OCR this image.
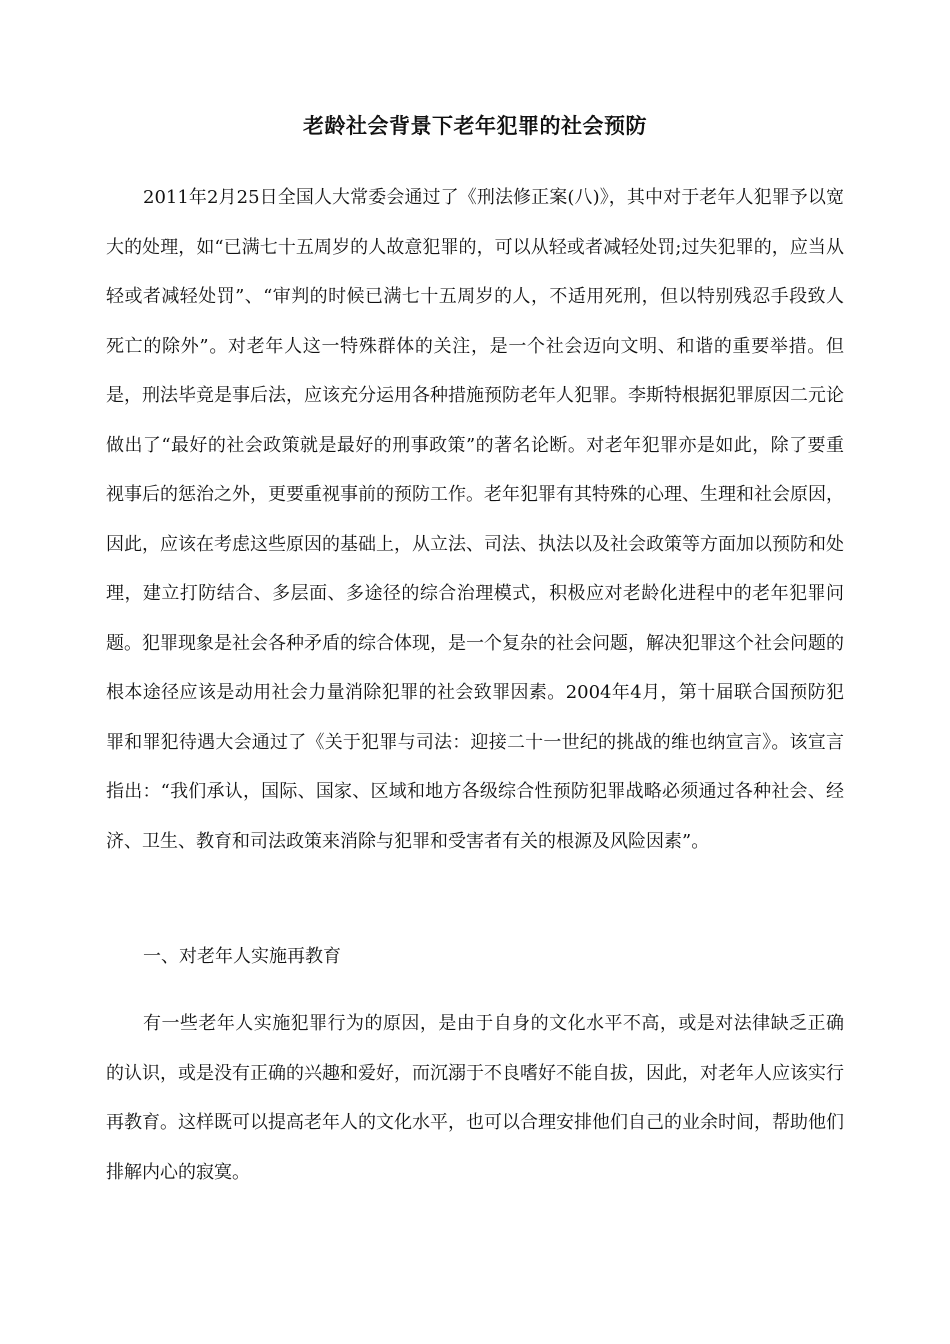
老龄社会背景下老年犯罪的社会预防

2011年2月25日全国人大常委会通过了《刑法修正案(八)》，其中对于老年人犯罪予以宽大的处理，如“已满七十五周岁的人故意犯罪的，可以从轻或者减轻处罚;过失犯罪的，应当从轻或者减轻处罚”、“审判的时候已满七十五周岁的人，不适用死刑，但以特别残忍手段致人死亡的除外”。对老年人这一特殊群体的关注，是一个社会迈向文明、和谐的重要举措。但是，刑法毕竟是事后法，应该充分运用各种措施预防老年人犯罪。李斯特根据犯罪原因二元论做出了“最好的社会政策就是最好的刑事政策”的著名论断。对老年犯罪亦是如此，除了要重视事后的惩治之外，更要重视事前的预防工作。老年犯罪有其特殊的心理、生理和社会原因，因此，应该在考虑这些原因的基础上，从立法、司法、执法以及社会政策等方面加以预防和处理，建立打防结合、多层面、多途径的综合治理模式，积极应对老龄化进程中的老年犯罪问题。犯罪现象是社会各种矛盾的综合体现，是一个复杂的社会问题，解决犯罪这个社会问题的根本途径应该是动用社会力量消除犯罪的社会致罪因素。2004年4月，第十届联合国预防犯罪和罪犯待遇大会通过了《关于犯罪与司法：迎接二十一世纪的挑战的维也纳宣言》。该宣言指出：“我们承认，国际、国家、区域和地方各级综合性预防犯罪战略必须通过各种社会、经济、卫生、教育和司法政策来消除与犯罪和受害者有关的根源及风险因素”。

一、对老年人实施再教育

有一些老年人实施犯罪行为的原因，是由于自身的文化水平不高，或是对法律缺乏正确的认识，或是没有正确的兴趣和爱好，而沉溺于不良嗜好不能自拔，因此，对老年人应该实行再教育。这样既可以提高老年人的文化水平，也可以合理安排他们自己的业余时间，帮助他们排解内心的寂寞。
